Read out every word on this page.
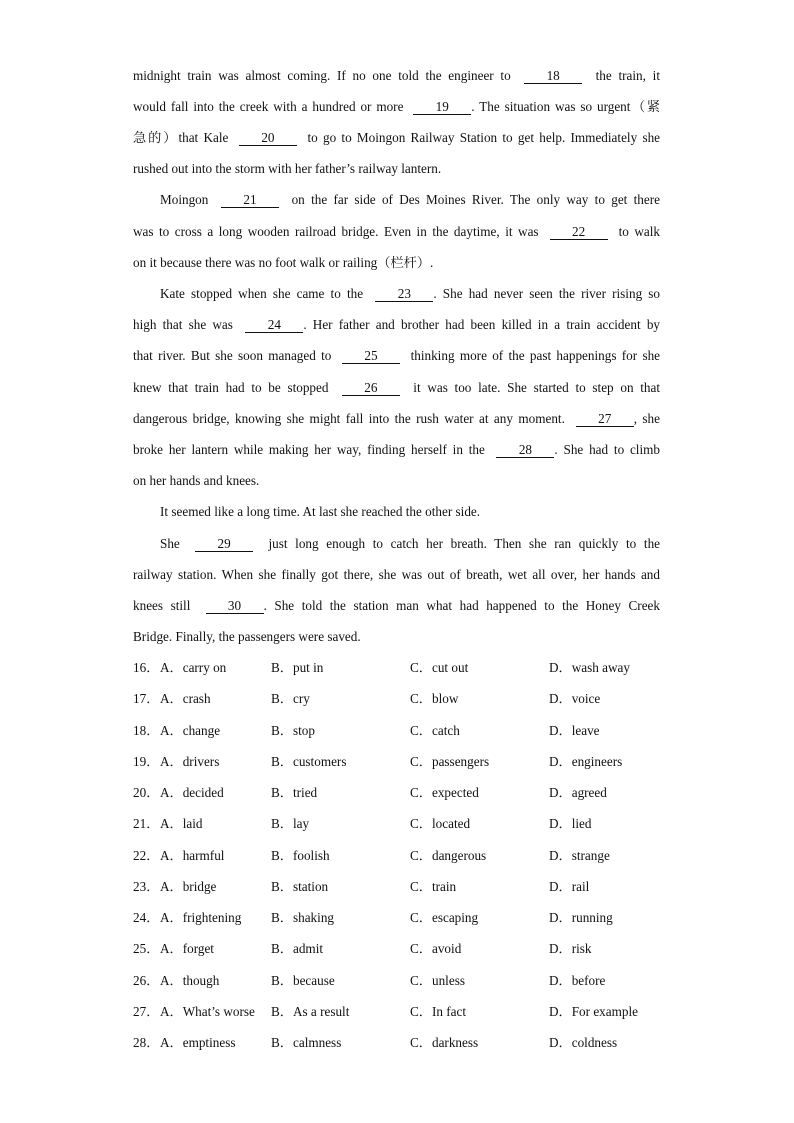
midnight train was almost coming. If no one told the engineer to	18	the train, it
would fall into the creek with a hundred or more 19 . The situation was so urgent（紧
急的）that Kale 20 to go to Moingon Railway Station to get help. Immediately she
rushed out into the storm with her father’s railway lantern.
Moingon	21	on the far side of Des Moines River. The only way to get there
was to cross a long wooden railroad bridge. Even in the daytime, it was	22	to walk
on it because there was no foot walk or railing（栏杆）.
Kate stopped when she came to the	23 . She had never seen the river rising so
high that she was	24 . Her father and brother had been killed in a train accident by
that river. But she soon managed to	25	thinking more of the past happenings for she
knew that train had to be stopped	26	it was too late. She started to step on that
dangerous bridge, knowing she might fall into the rush water at any moment.	27 , she
broke her lantern while making her way, finding herself in the	28 . She had to climb
on her hands and knees.
It seemed like a long time. At last she reached the other side.
She	29	just long enough to catch her breath. Then she ran quickly to the
railway station. When she finally got there, she was out of breath, wet all over, her hands and
knees still	30 . She told the station man what had happened to the Honey Creek
Bridge. Finally, the passengers were saved.
16． A．carry on	B．put in	C．cut out	D．wash away
17． A．crash	B．cry	C．blow	D．voice
18． A．change	B．stop	C．catch	D．leave
19． A．drivers	B．customers	C．passengers	D．engineers
20． A．decided	B．tried	C．expected	D．agreed
21． A．laid	B．lay	C．located	D．lied
22． A．harmful	B．foolish	C．dangerous	D．strange
23． A．bridge	B．station	C．train	D．rail
24． A．frightening B．shaking	C．escaping	D．running
25． A．forget	B．admit	C．avoid	D．risk
26． A．though	B．because	C．unless	D．before
27． A．What’s worse B．As a result	C．In fact	D．For example
28． A．emptiness	B．calmness	C．darkness	D．coldness
